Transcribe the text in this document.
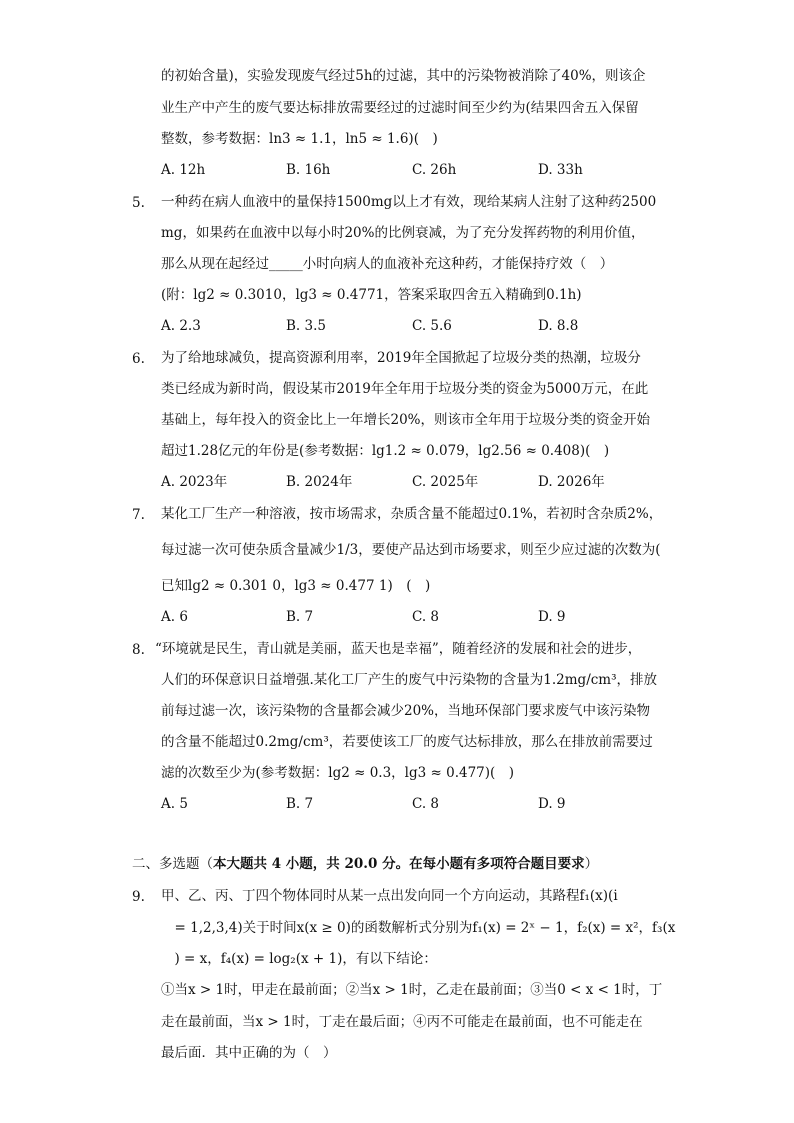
的初始含量)，实验发现废气经过5h的过滤，其中的污染物被消除了40%，则该企
业生产中产生的废气要达标排放需要经过的过滤时间至少约为(结果四舍五入保留
整数，参考数据：ln3 ≈ 1.1，ln5 ≈ 1.6)(　)
A. 12h	B. 16h	C. 26h	D. 33h
5. 一种药在病人血液中的量保持1500mg以上才有效，现给某病人注射了这种药2500
mg，如果药在血液中以每小时20%的比例衰减，为了充分发挥药物的利用价值，
那么从现在起经过_____小时向病人的血液补充这种药，才能保持疗效（　）
(附：lg2 ≈ 0.3010，lg3 ≈ 0.4771，答案采取四舍五入精确到0.1h)
A. 2.3	B. 3.5	C. 5.6	D. 8.8
6. 为了给地球减负，提高资源利用率，2019年全国掀起了垃圾分类的热潮，垃圾分
类已经成为新时尚，假设某市2019年全年用于垃圾分类的资金为5000万元，在此
基础上，每年投入的资金比上一年增长20%，则该市全年用于垃圾分类的资金开始
超过1.28亿元的年份是(参考数据：lg1.2 ≈ 0.079，lg2.56 ≈ 0.408)(　)
A. 2023年	B. 2024年	C. 2025年	D. 2026年
7. 某化工厂生产一种溶液，按市场需求，杂质含量不能超过0.1%，若初时含杂质2%，
每过滤一次可使杂质含量减少1/3，要使产品达到市场要求，则至少应过滤的次数为(
已知lg2 ≈ 0.301 0，lg3 ≈ 0.477 1)　(　)
A. 6	B. 7	C. 8	D. 9
8. “环境就是民生，青山就是美丽，蓝天也是幸福”，随着经济的发展和社会的进步，
人们的环保意识日益增强.某化工厂产生的废气中污染物的含量为1.2mg/cm³，排放
前每过滤一次，该污染物的含量都会减少20%，当地环保部门要求废气中该污染物
的含量不能超过0.2mg/cm³，若要使该工厂的废气达标排放，那么在排放前需要过
滤的次数至少为(参考数据：lg2 ≈ 0.3，lg3 ≈ 0.477)(　)
A. 5	B. 7	C. 8	D. 9
二、多选题（本大题共 4 小题，共 20.0 分。在每小题有多项符合题目要求）
9. 甲、乙、丙、丁四个物体同时从某一点出发向同一个方向运动，其路程f₁(x)(i
　= 1,2,3,4)关于时间x(x ≥ 0)的函数解析式分别为f₁(x) = 2ˣ − 1，f₂(x) = x²，f₃(x
　) = x，f₄(x) = log₂(x + 1)，有以下结论：
①当x > 1时，甲走在最前面；②当x > 1时，乙走在最前面；③当0 < x < 1时，丁
走在最前面，当x > 1时，丁走在最后面；④丙不可能走在最前面，也不可能走在
最后面．其中正确的为（　）
